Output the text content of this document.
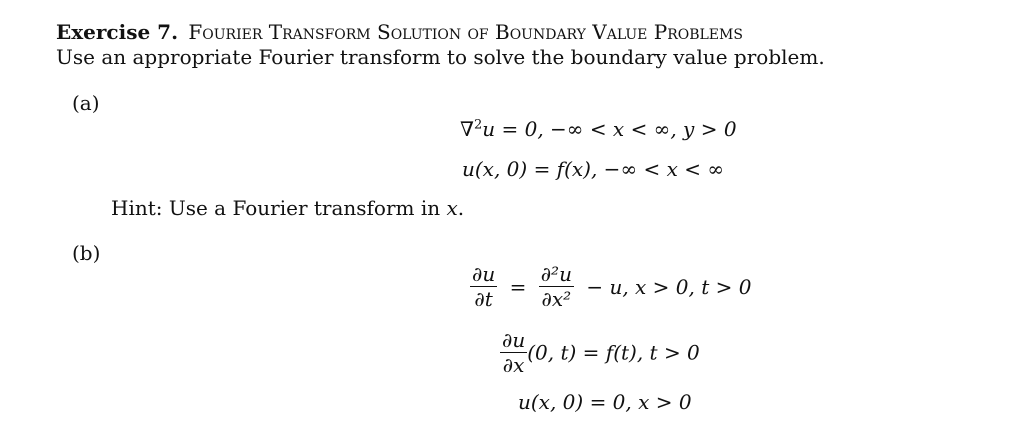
Exercise 7. Fourier Transform Solution of Boundary Value Problems
Use an appropriate Fourier transform to solve the boundary value problem.
(a)
∇$^2$u = 0, −∞ < x < ∞, y > 0
u(x, 0) = f(x), −∞ < x < ∞
Hint: Use a Fourier transform in x.
(b)
$\frac{\partial u}{\partial t} = \frac{\text{∂²u}}{\text{∂x²}} - u$, x > 0, t > 0
$\frac{\partial u}{\partial x} (0$, t) = f(t), t > 0
u(x, 0) = 0, x > 0
